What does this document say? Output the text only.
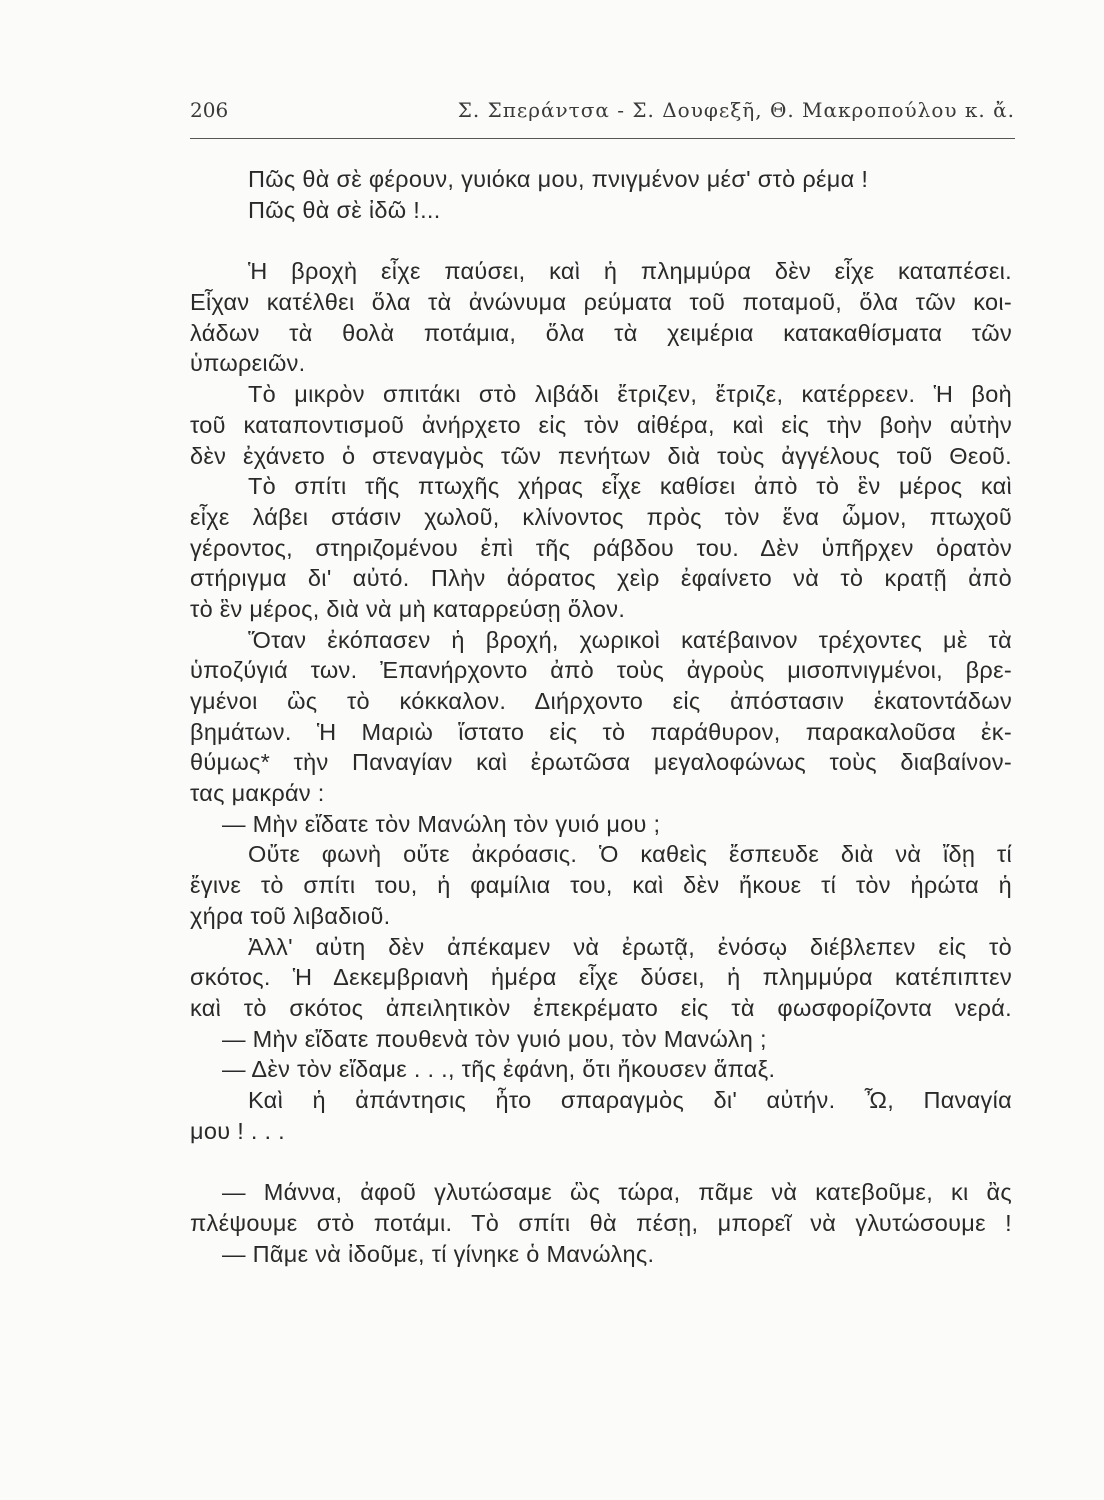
206	Σ. Σπεράντσα - Σ. Δουφεξῆ, Θ. Μακροπούλου κ. ἄ.
Πῶς θὰ σὲ φέρουν, γυιόκα μου, πνιγμένον μέσ' στὸ ρέμα !
Πῶς θὰ σὲ ἰδῶ !...
Ἡ βροχὴ εἶχε παύσει, καὶ ἡ πλημμύρα δὲν εἶχε καταπέσει.
Εἶχαν κατέλθει ὅλα τὰ ἀνώνυμα ρεύματα τοῦ ποταμοῦ, ὅλα τῶν κοι-
λάδων τὰ θολὰ ποτάμια, ὅλα τὰ χειμέρια κατακαθίσματα τῶν
ὑπωρειῶν.
Τὸ μικρὸν σπιτάκι στὸ λιβάδι ἔτριζεν, ἔτριζε, κατέρρεεν. Ἡ βοὴ
τοῦ καταποντισμοῦ ἀνήρχετο εἰς τὸν αἰθέρα, καὶ εἰς τὴν βοὴν αὐτὴν
δὲν ἐχάνετο ὁ στεναγμὸς τῶν πενήτων διὰ τοὺς ἀγγέλους τοῦ Θεοῦ.
Τὸ σπίτι τῆς πτωχῆς χήρας εἶχε καθίσει ἀπὸ τὸ ἓν μέρος καὶ
εἶχε λάβει στάσιν χωλοῦ, κλίνοντος πρὸς τὸν ἕνα ὦμον, πτωχοῦ
γέροντος, στηριζομένου ἐπὶ τῆς ράβδου του. Δὲν ὑπῆρχεν ὁρατὸν
στήριγμα δι' αὐτό. Πλὴν ἀόρατος χεὶρ ἐφαίνετο νὰ τὸ κρατῇ ἀπὸ
τὸ ἓν μέρος, διὰ νὰ μὴ καταρρεύσῃ ὅλον.
Ὅταν ἐκόπασεν ἡ βροχή, χωρικοὶ κατέβαινον τρέχοντες μὲ τὰ
ὑποζύγιά των. Ἐπανήρχοντο ἀπὸ τοὺς ἀγροὺς μισοπνιγμένοι, βρε-
γμένοι ὣς τὸ κόκκαλον. Διήρχοντο εἰς ἀπόστασιν ἑκατοντάδων
βημάτων. Ἡ Μαριὼ ἵστατο εἰς τὸ παράθυρον, παρακαλοῦσα ἐκ-
θύμως* τὴν Παναγίαν καὶ ἐρωτῶσα μεγαλοφώνως τοὺς διαβαίνον-
τας μακράν :
— Μὴν εἴδατε τὸν Μανώλη τὸν γυιό μου ;
Οὔτε φωνὴ οὔτε ἀκρόασις. Ὁ καθεὶς ἔσπευδε διὰ νὰ ἴδῃ τί
ἔγινε τὸ σπίτι του, ἡ φαμίλια του, καὶ δὲν ἤκουε τί τὸν ἠρώτα ἡ
χήρα τοῦ λιβαδιοῦ.
Ἀλλ' αὐτη δὲν ἀπέκαμεν νὰ ἐρωτᾷ, ἐνόσῳ διέβλεπεν εἰς τὸ
σκότος. Ἡ Δεκεμβριανὴ ἡμέρα εἶχε δύσει, ἡ πλημμύρα κατέπιπτεν
καὶ τὸ σκότος ἀπειλητικὸν ἐπεκρέματο εἰς τὰ φωσφορίζοντα νερά.
— Μὴν εἴδατε πουθενὰ τὸν γυιό μου, τὸν Μανώλη ;
— Δὲν τὸν εἴδαμε . . ., τῆς ἐφάνη, ὅτι ἤκουσεν ἅπαξ.
Καὶ ἡ ἀπάντησις ἦτο σπαραγμὸς δι' αὐτήν. Ὦ, Παναγία
μου ! . . .
— Μάννα, ἀφοῦ γλυτώσαμε ὣς τώρα, πᾶμε νὰ κατεβοῦμε, κι ἂς
πλέψουμε στὸ ποτάμι. Τὸ σπίτι θὰ πέσῃ, μπορεῖ νὰ γλυτώσουμε !
— Πᾶμε νὰ ἰδοῦμε, τί γίνηκε ὁ Μανώλης.
